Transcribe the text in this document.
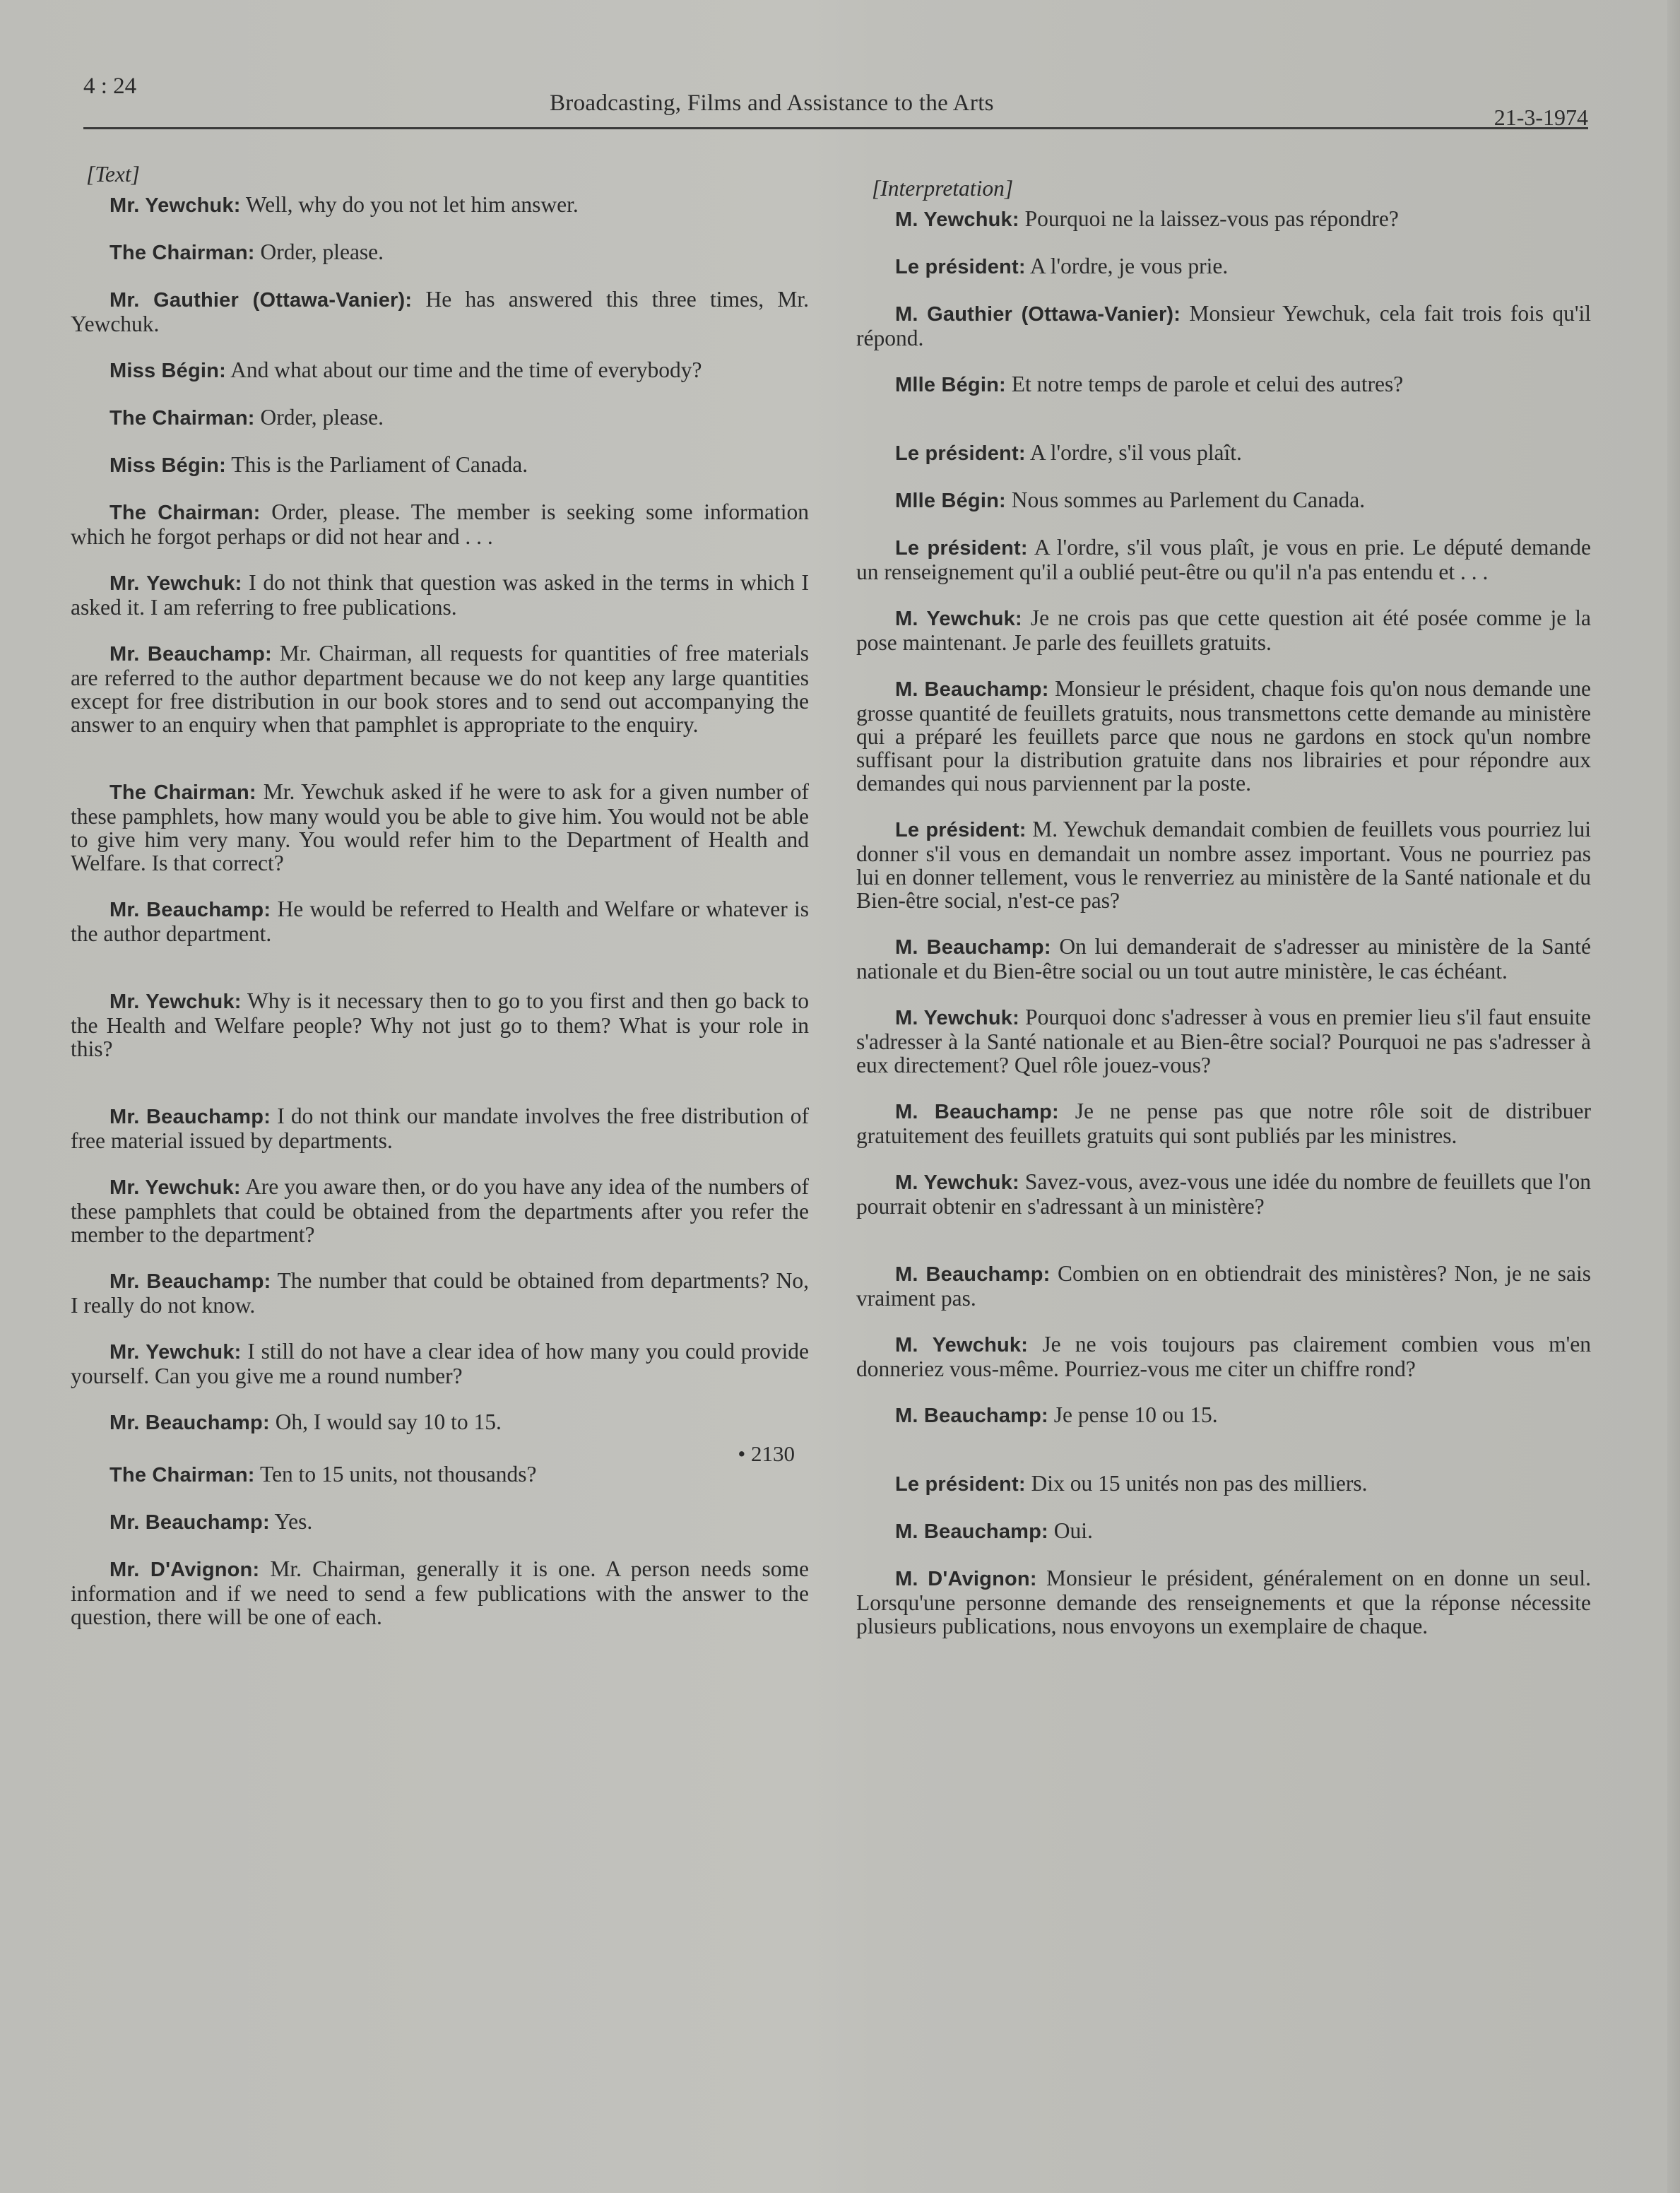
4 : 24
Broadcasting, Films and Assistance to the Arts
21-3-1974
[Text]

Mr. Yewchuk: Well, why do you not let him answer.

The Chairman: Order, please.

Mr. Gauthier (Ottawa-Vanier): He has answered this three times, Mr. Yewchuk.

Miss Bégin: And what about our time and the time of everybody?

The Chairman: Order, please.

Miss Bégin: This is the Parliament of Canada.

The Chairman: Order, please. The member is seeking some information which he forgot perhaps or did not hear and . . .

Mr. Yewchuk: I do not think that question was asked in the terms in which I asked it. I am referring to free publications.

Mr. Beauchamp: Mr. Chairman, all requests for quantities of free materials are referred to the author department because we do not keep any large quantities except for free distribution in our book stores and to send out accompanying the answer to an enquiry when that pamphlet is appropriate to the enquiry.

The Chairman: Mr. Yewchuk asked if he were to ask for a given number of these pamphlets, how many would you be able to give him. You would not be able to give him very many. You would refer him to the Department of Health and Welfare. Is that correct?

Mr. Beauchamp: He would be referred to Health and Welfare or whatever is the author department.

Mr. Yewchuk: Why is it necessary then to go to you first and then go back to the Health and Welfare people? Why not just go to them? What is your role in this?

Mr. Beauchamp: I do not think our mandate involves the free distribution of free material issued by departments.

Mr. Yewchuk: Are you aware then, or do you have any idea of the numbers of these pamphlets that could be obtained from the departments after you refer the member to the department?

Mr. Beauchamp: The number that could be obtained from departments? No, I really do not know.

Mr. Yewchuk: I still do not have a clear idea of how many you could provide yourself. Can you give me a round number?

Mr. Beauchamp: Oh, I would say 10 to 15.

• 2130

The Chairman: Ten to 15 units, not thousands?

Mr. Beauchamp: Yes.

Mr. D'Avignon: Mr. Chairman, generally it is one. A person needs some information and if we need to send a few publications with the answer to the question, there will be one of each.

[Interpretation]

M. Yewchuk: Pourquoi ne la laissez-vous pas répondre?

Le président: A l'ordre, je vous prie.

M. Gauthier (Ottawa-Vanier): Monsieur Yewchuk, cela fait trois fois qu'il répond.

Mlle Bégin: Et notre temps de parole et celui des autres?

Le président: A l'ordre, s'il vous plaît.

Mlle Bégin: Nous sommes au Parlement du Canada.

Le président: A l'ordre, s'il vous plaît, je vous en prie. Le député demande un renseignement qu'il a oublié peut-être ou qu'il n'a pas entendu et . . .

M. Yewchuk: Je ne crois pas que cette question ait été posée comme je la pose maintenant. Je parle des feuillets gratuits.

M. Beauchamp: Monsieur le président, chaque fois qu'on nous demande une grosse quantité de feuillets gratuits, nous transmettons cette demande au ministère qui a préparé les feuillets parce que nous ne gardons en stock qu'un nombre suffisant pour la distribution gratuite dans nos librairies et pour répondre aux demandes qui nous parviennent par la poste.

Le président: M. Yewchuk demandait combien de feuillets vous pourriez lui donner s'il vous en demandait un nombre assez important. Vous ne pourriez pas lui en donner tellement, vous le renverriez au ministère de la Santé nationale et du Bien-être social, n'est-ce pas?

M. Beauchamp: On lui demanderait de s'adresser au ministère de la Santé nationale et du Bien-être social ou un tout autre ministère, le cas échéant.

M. Yewchuk: Pourquoi donc s'adresser à vous en premier lieu s'il faut ensuite s'adresser à la Santé nationale et au Bien-être social? Pourquoi ne pas s'adresser à eux directement? Quel rôle jouez-vous?

M. Beauchamp: Je ne pense pas que notre rôle soit de distribuer gratuitement des feuillets gratuits qui sont publiés par les ministres.

M. Yewchuk: Savez-vous, avez-vous une idée du nombre de feuillets que l'on pourrait obtenir en s'adressant à un ministère?

M. Beauchamp: Combien on en obtiendrait des ministères? Non, je ne sais vraiment pas.

M. Yewchuk: Je ne vois toujours pas clairement combien vous m'en donneriez vous-même. Pourriez-vous me citer un chiffre rond?

M. Beauchamp: Je pense 10 ou 15.

Le président: Dix ou 15 unités non pas des milliers.

M. Beauchamp: Oui.

M. D'Avignon: Monsieur le président, généralement on en donne un seul. Lorsqu'une personne demande des renseignements et que la réponse nécessite plusieurs publications, nous envoyons un exemplaire de chaque.
